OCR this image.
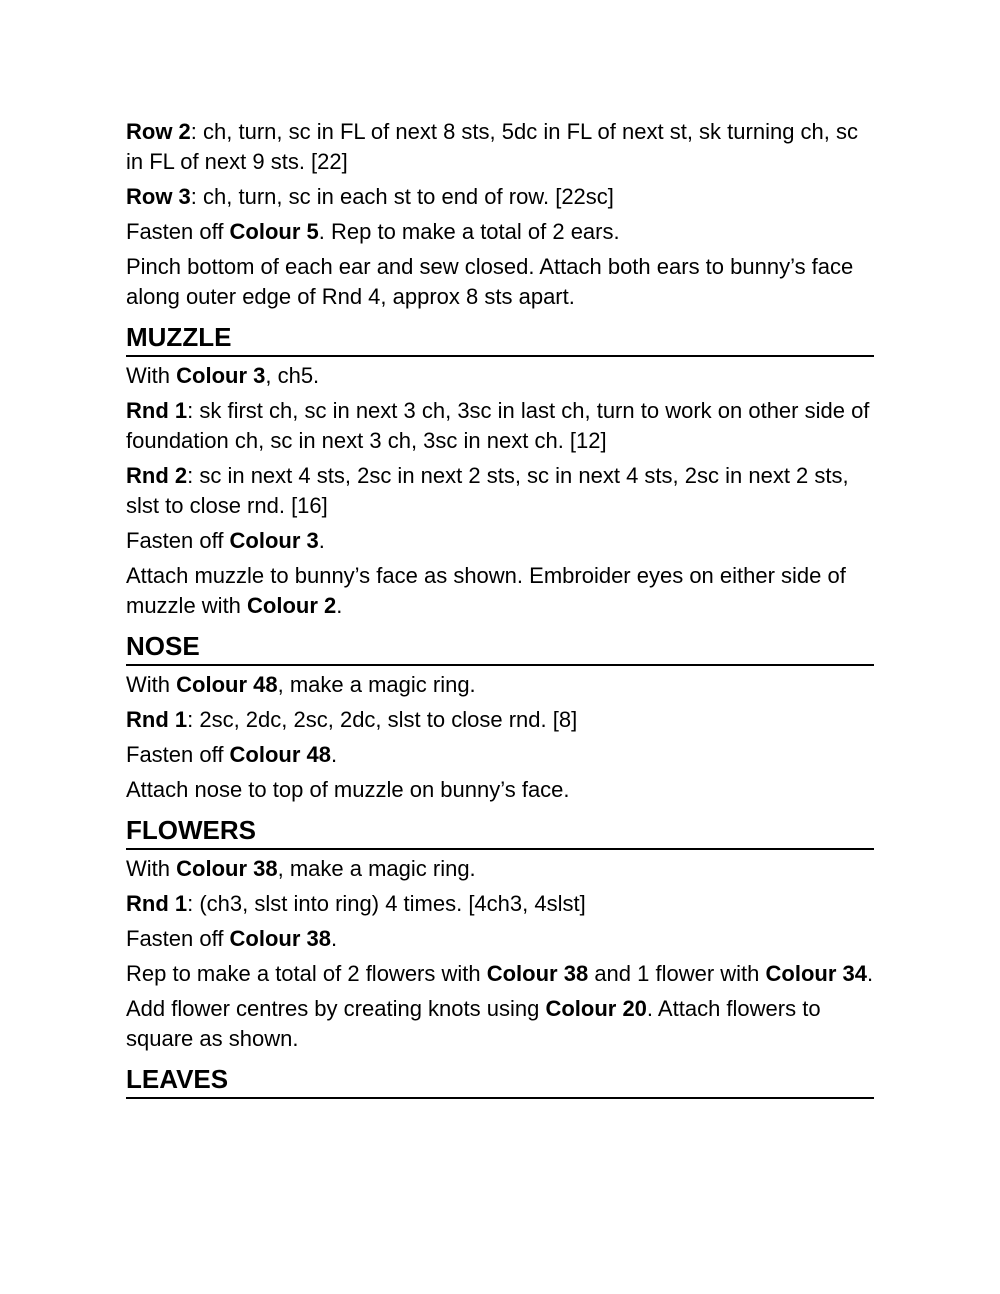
Row 2: ch, turn, sc in FL of next 8 sts, 5dc in FL of next st, sk turning ch, sc in FL of next 9 sts. [22]

Row 3: ch, turn, sc in each st to end of row. [22sc]

Fasten off Colour 5. Rep to make a total of 2 ears.

Pinch bottom of each ear and sew closed. Attach both ears to bunny’s face along outer edge of Rnd 4, approx 8 sts apart.

MUZZLE

With Colour 3, ch5.

Rnd 1: sk first ch, sc in next 3 ch, 3sc in last ch, turn to work on other side of foundation ch, sc in next 3 ch, 3sc in next ch. [12]

Rnd 2: sc in next 4 sts, 2sc in next 2 sts, sc in next 4 sts, 2sc in next 2 sts, slst to close rnd. [16]

Fasten off Colour 3.

Attach muzzle to bunny’s face as shown. Embroider eyes on either side of muzzle with Colour 2.

NOSE

With Colour 48, make a magic ring.

Rnd 1: 2sc, 2dc, 2sc, 2dc, slst to close rnd. [8]

Fasten off Colour 48.

Attach nose to top of muzzle on bunny’s face.

FLOWERS

With Colour 38, make a magic ring.

Rnd 1: (ch3, slst into ring) 4 times. [4ch3, 4slst]

Fasten off Colour 38.

Rep to make a total of 2 flowers with Colour 38 and 1 flower with Colour 34.

Add flower centres by creating knots using Colour 20. Attach flowers to square as shown.

LEAVES
